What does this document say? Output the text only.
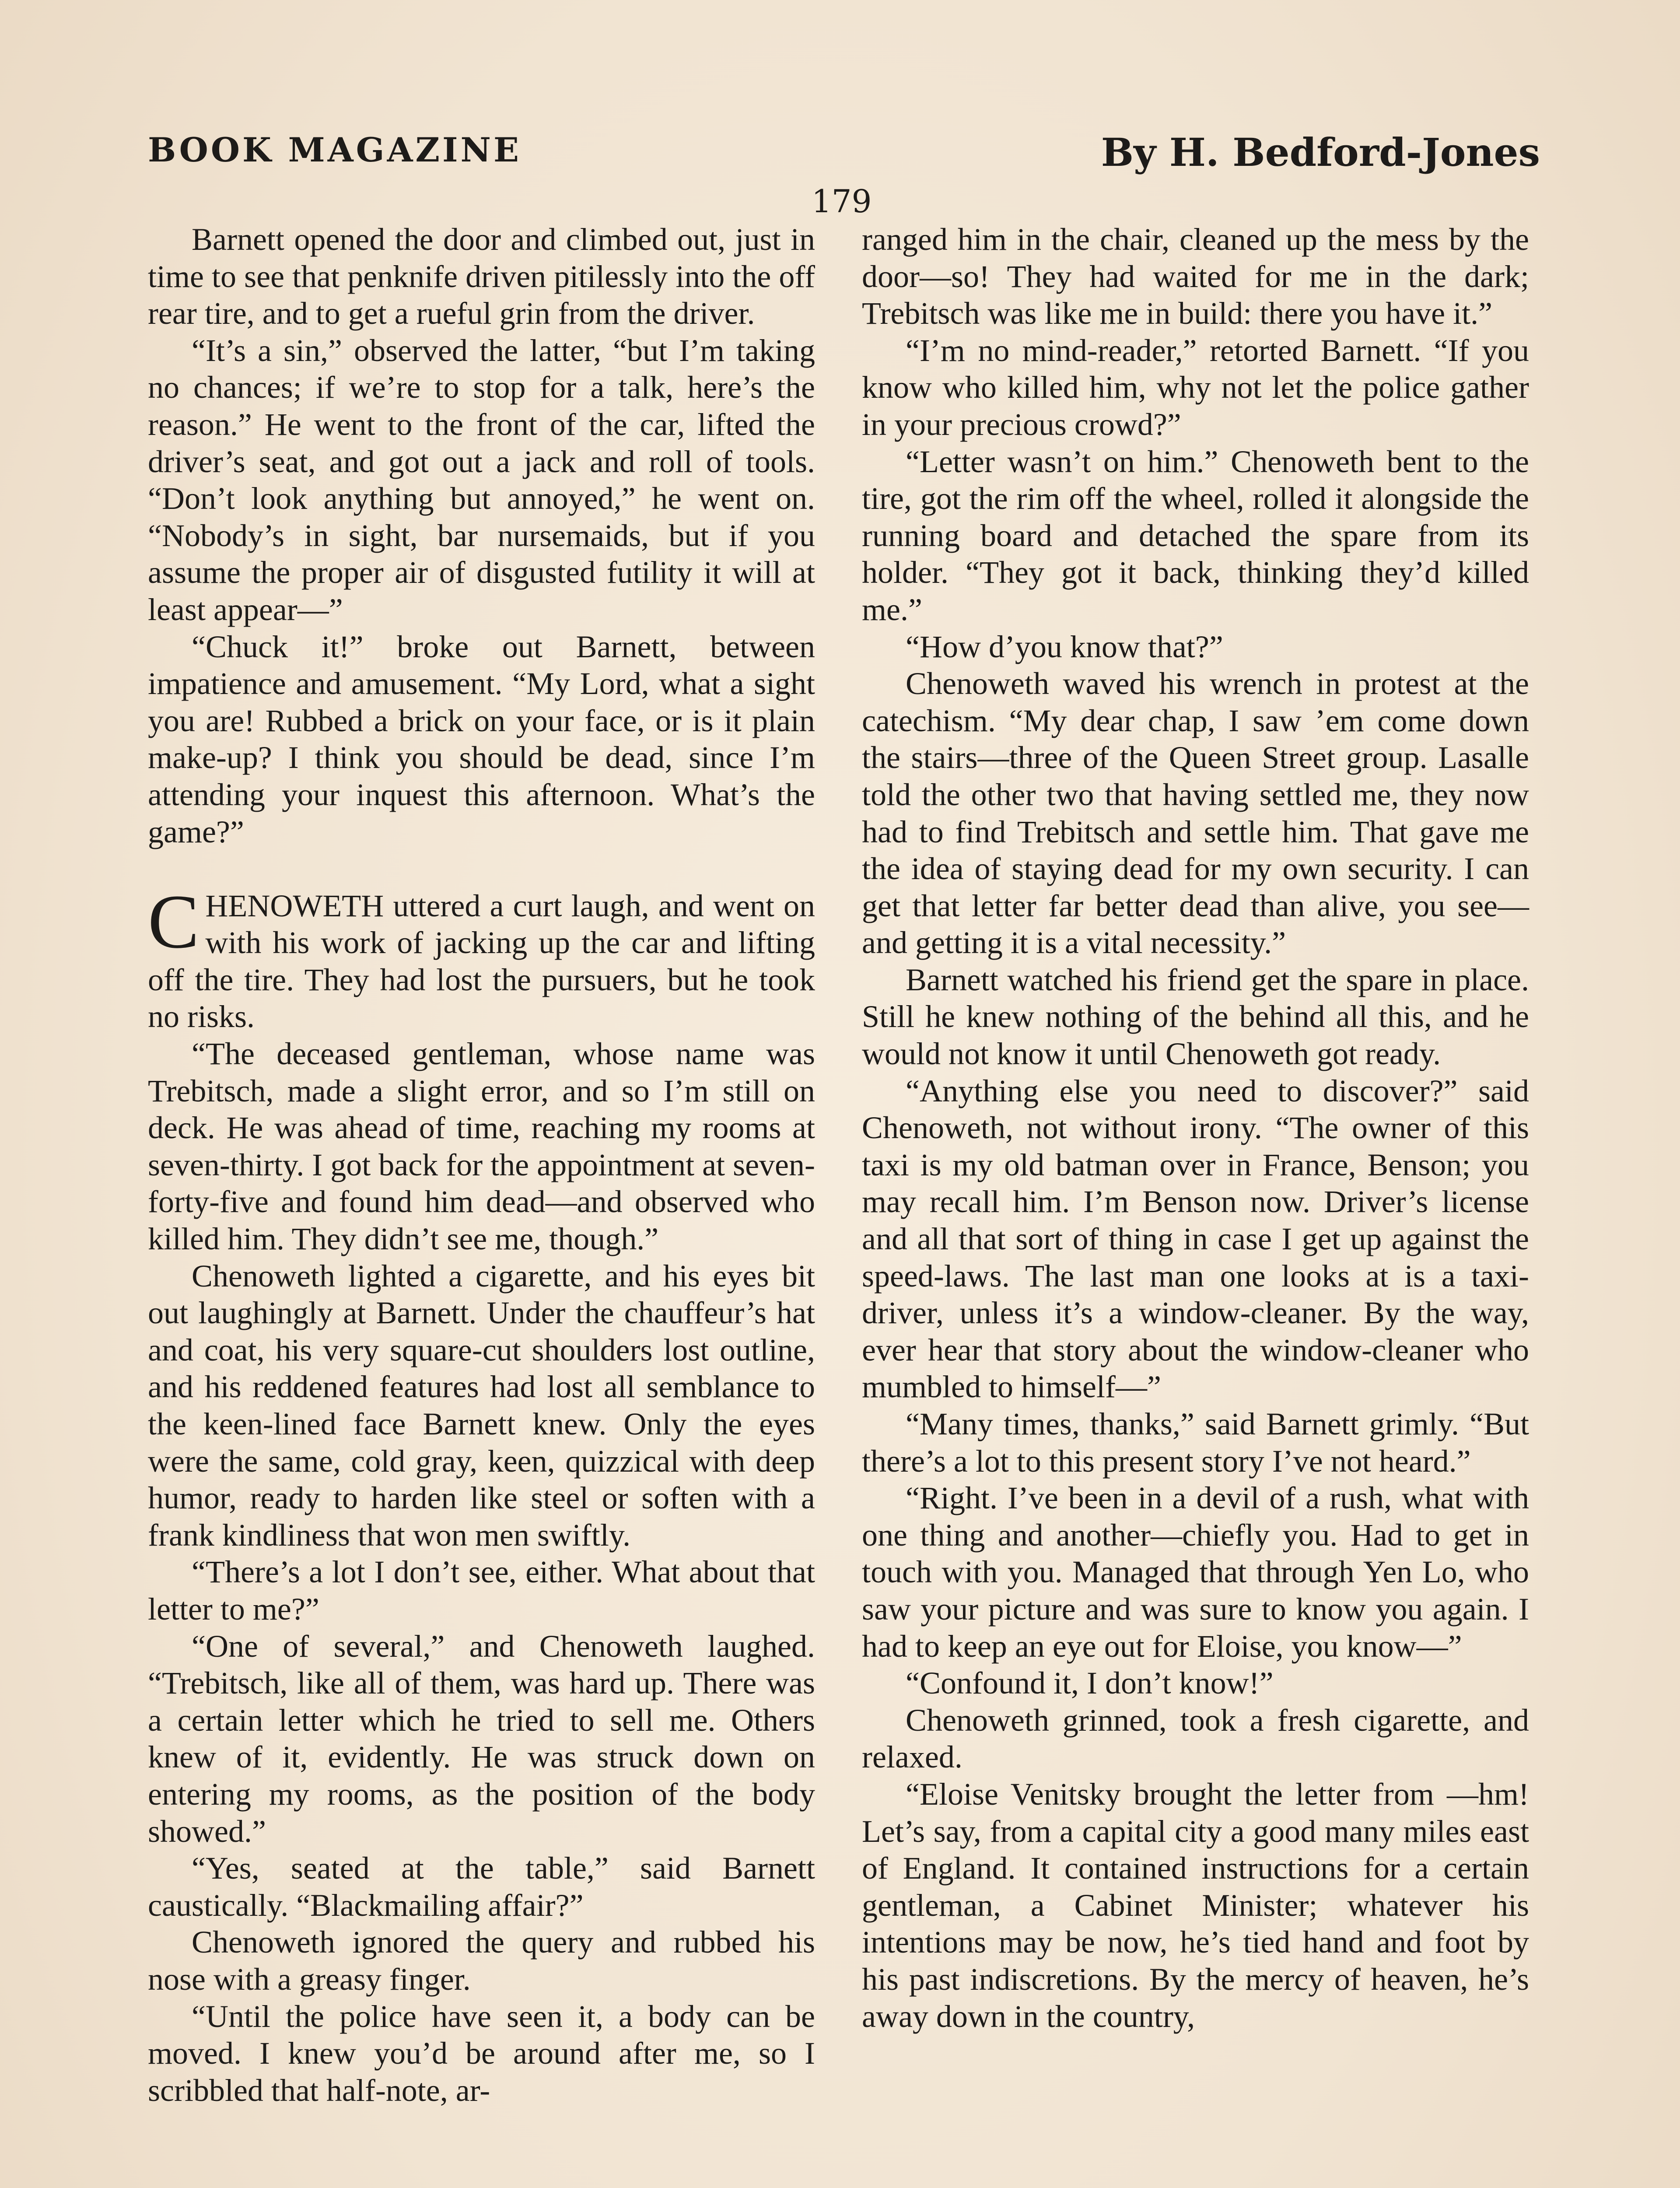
BOOK MAGAZINE	By H. Bedford-Jones
179

Barnett opened the door and climbed out, just in time to see that penknife driven pitilessly into the off rear tire, and to get a rueful grin from the driver.

“It’s a sin,” observed the latter, “but I’m taking no chances; if we’re to stop for a talk, here’s the reason.” He went to the front of the car, lifted the driver’s seat, and got out a jack and roll of tools. “Don’t look anything but annoyed,” he went on. “Nobody’s in sight, bar nursemaids, but if you assume the proper air of disgusted futility it will at least appear—”

“Chuck it!” broke out Barnett, between impatience and amusement. “My Lord, what a sight you are! Rubbed a brick on your face, or is it plain make-up? I think you should be dead, since I’m attending your inquest this afternoon. What’s the game?”

CHENOWETH uttered a curt laugh, and went on with his work of jacking up the car and lifting off the tire. They had lost the pursuers, but he took no risks.

“The deceased gentleman, whose name was Trebitsch, made a slight error, and so I’m still on deck. He was ahead of time, reaching my rooms at seven-thirty. I got back for the appointment at seven-forty-five and found him dead—and observed who killed him. They didn’t see me, though.”

Chenoweth lighted a cigarette, and his eyes bit out laughingly at Barnett. Under the chauffeur’s hat and coat, his very square-cut shoulders lost outline, and his reddened features had lost all semblance to the keen-lined face Barnett knew. Only the eyes were the same, cold gray, keen, quizzical with deep humor, ready to harden like steel or soften with a frank kindliness that won men swiftly.

“There’s a lot I don’t see, either. What about that letter to me?”

“One of several,” and Chenoweth laughed. “Trebitsch, like all of them, was hard up. There was a certain letter which he tried to sell me. Others knew of it, evidently. He was struck down on entering my rooms, as the position of the body showed.”

“Yes, seated at the table,” said Barnett caustically. “Blackmailing affair?”

Chenoweth ignored the query and rubbed his nose with a greasy finger.

“Until the police have seen it, a body can be moved. I knew you’d be around after me, so I scribbled that half-note, ar-

ranged him in the chair, cleaned up the mess by the door—so! They had waited for me in the dark; Trebitsch was like me in build: there you have it.”

“I’m no mind-reader,” retorted Barnett. “If you know who killed him, why not let the police gather in your precious crowd?”

“Letter wasn’t on him.” Chenoweth bent to the tire, got the rim off the wheel, rolled it alongside the running board and detached the spare from its holder. “They got it back, thinking they’d killed me.”

“How d’you know that?”

Chenoweth waved his wrench in protest at the catechism. “My dear chap, I saw ’em come down the stairs—three of the Queen Street group. Lasalle told the other two that having settled me, they now had to find Trebitsch and settle him. That gave me the idea of staying dead for my own security. I can get that letter far better dead than alive, you see—and getting it is a vital necessity.”

Barnett watched his friend get the spare in place. Still he knew nothing of the behind all this, and he would not know it until Chenoweth got ready.

“Anything else you need to discover?” said Chenoweth, not without irony. “The owner of this taxi is my old batman over in France, Benson; you may recall him. I’m Benson now. Driver’s license and all that sort of thing in case I get up against the speed-laws. The last man one looks at is a taxi-driver, unless it’s a window-cleaner. By the way, ever hear that story about the window-cleaner who mumbled to himself—”

“Many times, thanks,” said Barnett grimly. “But there’s a lot to this present story I’ve not heard.”

“Right. I’ve been in a devil of a rush, what with one thing and another—chiefly you. Had to get in touch with you. Managed that through Yen Lo, who saw your picture and was sure to know you again. I had to keep an eye out for Eloise, you know—”

“Confound it, I don’t know!”

Chenoweth grinned, took a fresh cigarette, and relaxed.

“Eloise Venitsky brought the letter from —hm! Let’s say, from a capital city a good many miles east of England. It contained instructions for a certain gentleman, a Cabinet Minister; whatever his intentions may be now, he’s tied hand and foot by his past indiscretions. By the mercy of heaven, he’s away down in the country,
